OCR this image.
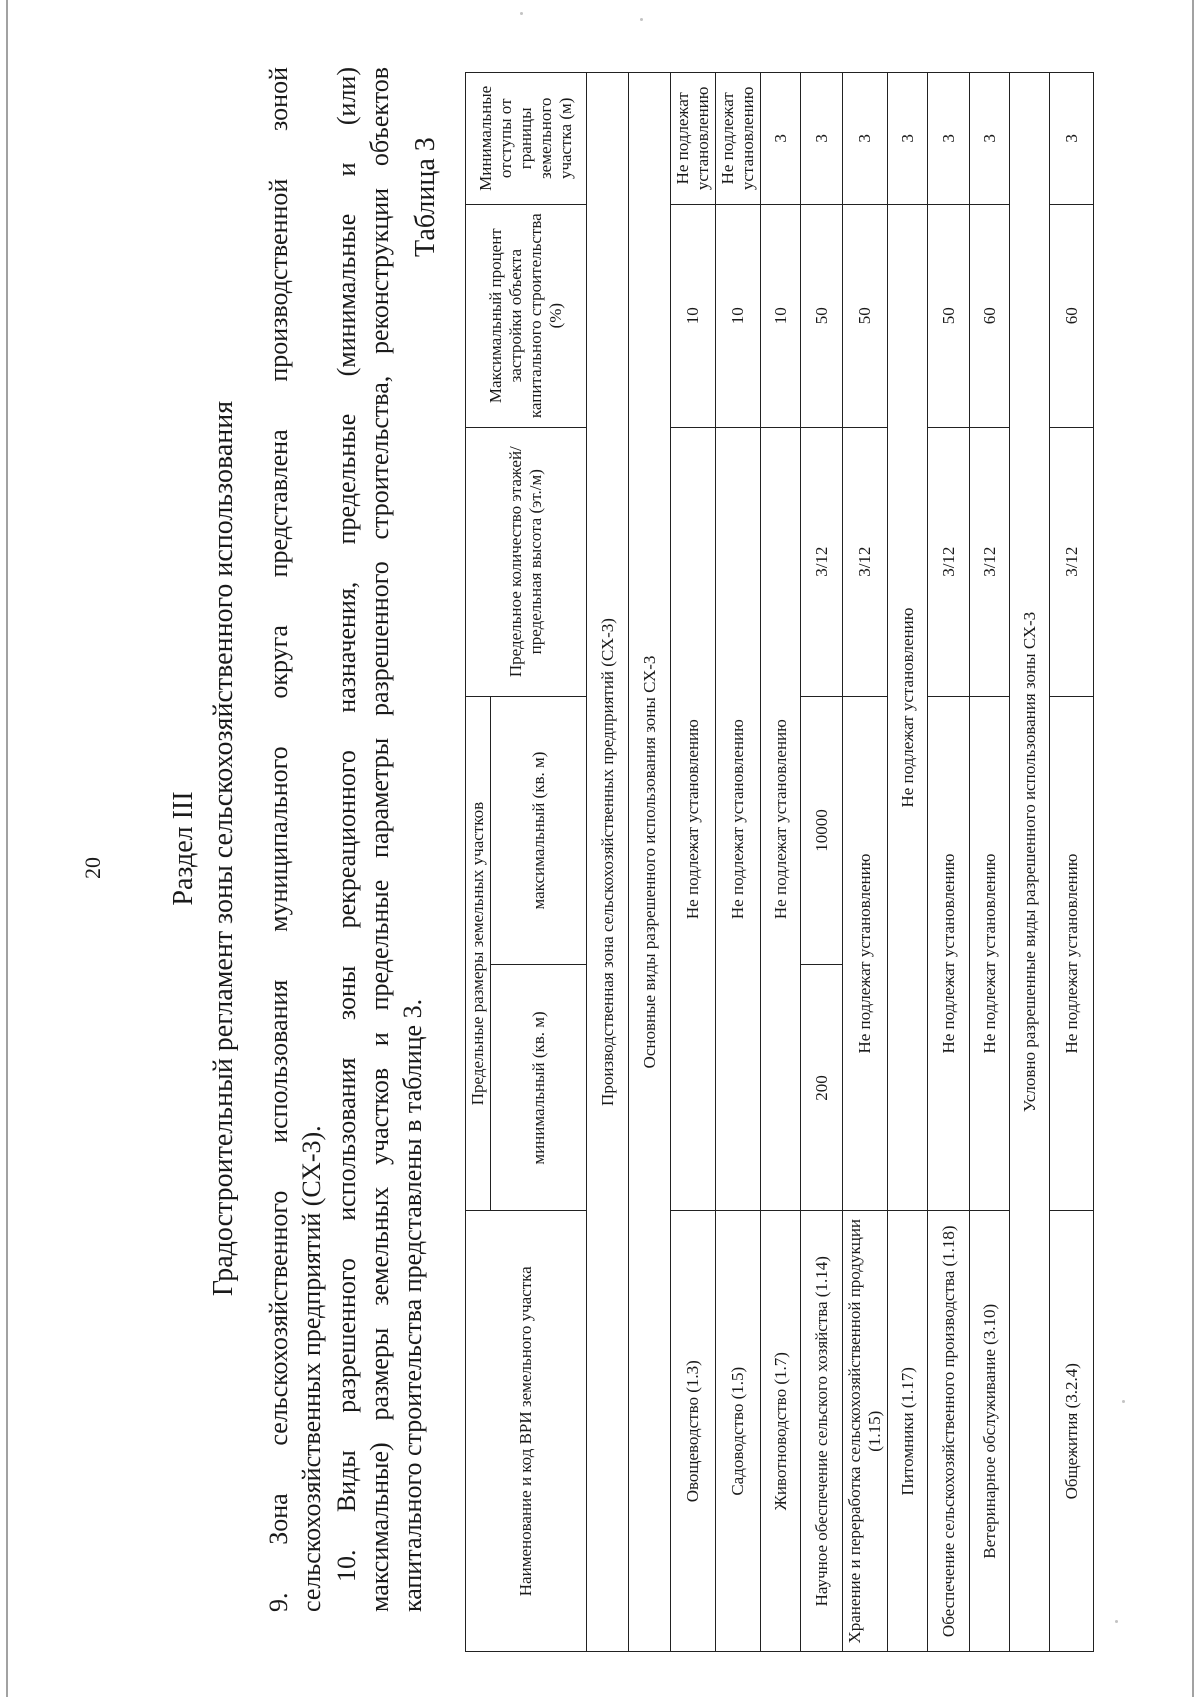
20 Раздел III Градостроительный регламент зоны сельскохозяйственного использования 9. Зона сельскохозяйственного использования муниципального округа представлена производственной зоной сельскохозяйственных предприятий (СХ-3). 10. Виды разрешенного использования зоны рекреационного назначения, предельные (минимальные и (или) максимальные) размеры земельных участков и предельные параметры разрешенного строительства, реконструкции объектов капитального строительства представлены в таблице 3.

Таблица 3
Наименование и код ВРИ земельного участка	Предельные размеры земельных участков		Предельное количество этажей/предельная высота (эт./м)	Максимальный процент застройки объекта капитального строительства (%)	Минимальные отступы от границы земельного участка (м)
	минимальный (кв. м)	максимальный (кв. м)			
Производственная зона сельскохозяйственных предприятий (СХ-3)					
Основные виды разрешенного использования зоны СХ-3					
Овощеводство (1.3)	Не подлежат установлению			10	Не подлежат установлению
Садоводство (1.5)	Не подлежат установлению			10	Не подлежат установлению
Животноводство (1.7)	Не подлежат установлению			10	3
Научное обеспечение сельского хозяйства (1.14)	200	10000	3/12	50	3
Хранение и переработка сельскохозяйственной продукции (1.15)	Не подлежат установлению		3/12	50	3
Питомники (1.17)	Не подлежат установлению				3
Обеспечение сельскохозяйственного производства (1.18)	Не подлежат установлению		3/12	50	3
Ветеринарное обслуживание (3.10)	Не подлежат установлению		3/12	60	3
Условно разрешенные виды разрешенного использования зоны СХ-3					
Общежития (3.2.4)	Не подлежат установлению		3/12	60	3
